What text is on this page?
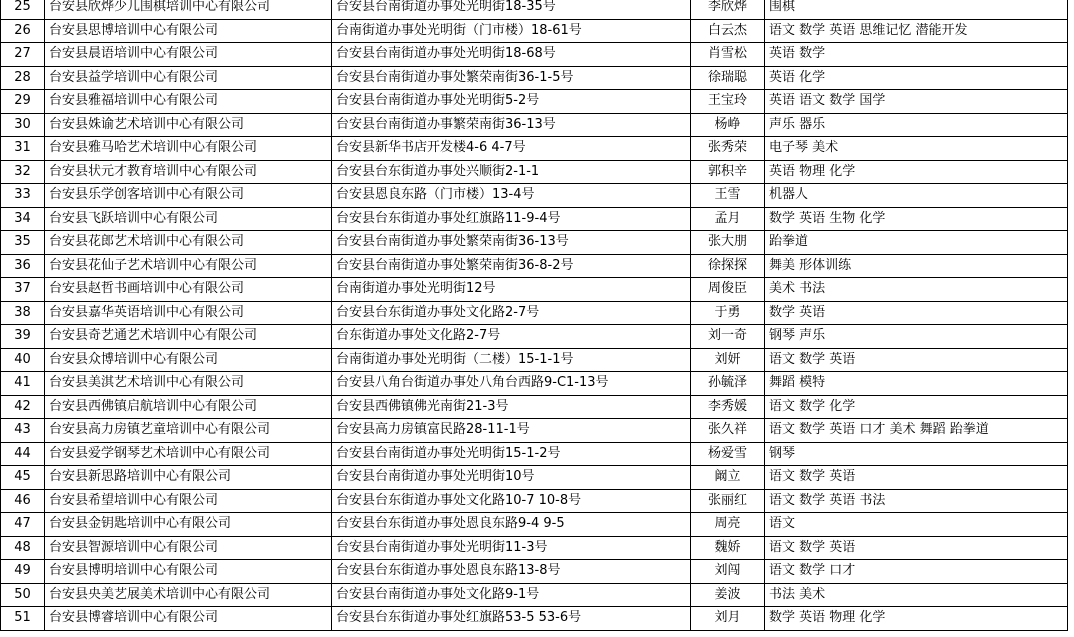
25	台安县欣烨少儿围棋培训中心有限公司	台安县台南街道办事处光明街18-35号	李欣烨	围棋
26	台安县思博培训中心有限公司	台南街道办事处光明街（门市楼）18-61号	白云杰	语文 数学 英语 思维记忆 潜能开发
27	台安县晨语培训中心有限公司	台安县台南街道办事处光明街18-68号	肖雪松	英语 数学
28	台安县益学培训中心有限公司	台安县台南街道办事处繁荣南街36-1-5号	徐瑞聪	英语 化学
29	台安县雅福培训中心有限公司	台安县台南街道办事处光明街5-2号	王宝玲	英语 语文 数学 国学
30	台安县姝谕艺术培训中心有限公司	台安县台南街道办事繁荣南街36-13号	杨峥	声乐 器乐
31	台安县雅马哈艺术培训中心有限公司	台安县新华书店开发楼4-6 4-7号	张秀荣	电子琴 美术
32	台安县状元才教育培训中心有限公司	台安县台东街道办事处兴顺街2-1-1	郭积辛	英语 物理 化学
33	台安县乐学创客培训中心有限公司	台安县恩良东路（门市楼）13-4号	王雪	机器人
34	台安县飞跃培训中心有限公司	台安县台东街道办事处红旗路11-9-4号	孟月	数学 英语 生物 化学
35	台安县花郎艺术培训中心有限公司	台安县台南街道办事处繁荣南街36-13号	张大朋	跆拳道
36	台安县花仙子艺术培训中心有限公司	台安县台南街道办事处繁荣南街36-8-2号	徐探探	舞美 形体训练
37	台安县赵哲书画培训中心有限公司	台南街道办事处光明街12号	周俊臣	美术 书法
38	台安县嘉华英语培训中心有限公司	台安县台东街道办事处文化路2-7号	于勇	数学 英语
39	台安县奇艺通艺术培训中心有限公司	台东街道办事处文化路2-7号	刘一奇	钢琴 声乐
40	台安县众博培训中心有限公司	台南街道办事处光明街（二楼）15-1-1号	刘妍	语文 数学 英语
41	台安县美淇艺术培训中心有限公司	台安县八角台街道办事处八角台西路9-C1-13号	孙毓泽	舞蹈 模特
42	台安县西佛镇启航培训中心有限公司	台安县西佛镇佛光南街21-3号	李秀媛	语文 数学 化学
43	台安县高力房镇艺童培训中心有限公司	台安县高力房镇富民路28-11-1号	张久祥	语文 数学 英语 口才 美术 舞蹈 跆拳道
44	台安县爱学钢琴艺术培训中心有限公司	台安县台南街道办事处光明街15-1-2号	杨爱雪	钢琴
45	台安县新思路培训中心有限公司	台安县台南街道办事处光明街10号	阚立	语文 数学 英语
46	台安县希望培训中心有限公司	台安县台东街道办事处文化路10-7 10-8号	张丽红	语文 数学 英语 书法
47	台安县金钥匙培训中心有限公司	台安县台东街道办事处恩良东路9-4 9-5	周亮	语文
48	台安县智源培训中心有限公司	台安县台南街道办事处光明街11-3号	魏娇	语文 数学 英语
49	台安县博明培训中心有限公司	台安县台东街道办事处恩良东路13-8号	刘闯	语文 数学 口才
50	台安县央美艺展美术培训中心有限公司	台安县台南街道办事处文化路9-1号	姜波	书法 美术
51	台安县博睿培训中心有限公司	台安县台东街道办事处红旗路53-5 53-6号	刘月	数学 英语 物理 化学
